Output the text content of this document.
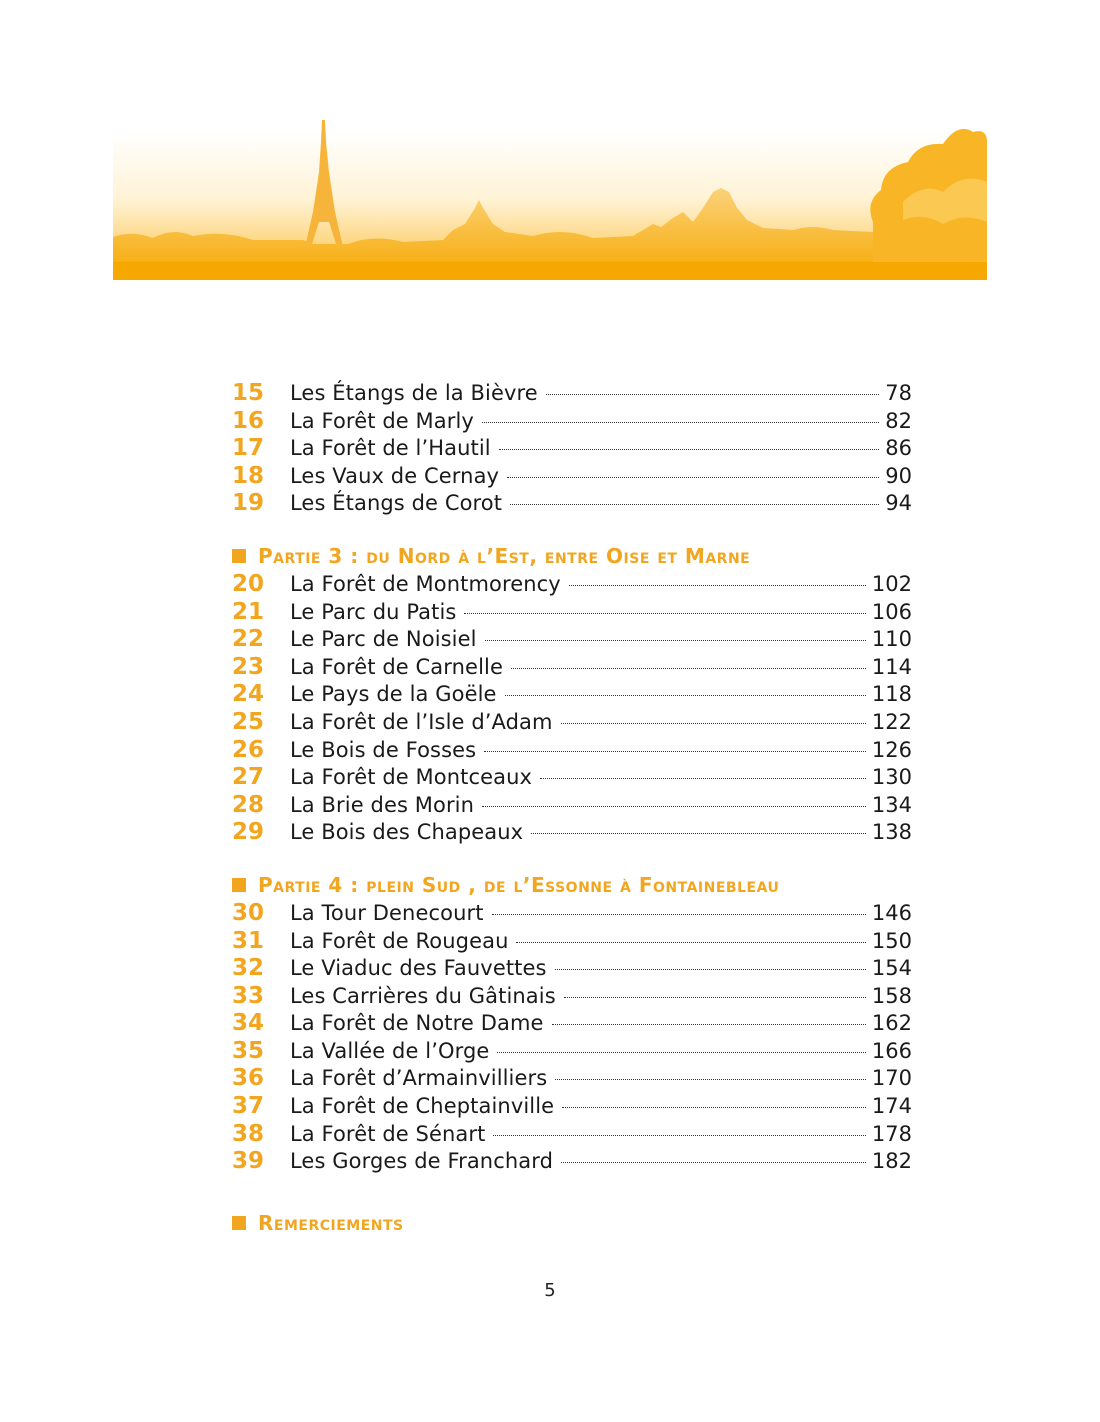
15	Les Étangs de la Bièvre	78
16	La Forêt de Marly	82
17	La Forêt de l’Hautil	86
18	Les Vaux de Cernay	90
19	Les Étangs de Corot	94
Partie 3 : du Nord à l’Est, entre Oise et Marne
20	La Forêt de Montmorency	102
21	Le Parc du Patis	106
22	Le Parc de Noisiel	110
23	La Forêt de Carnelle	114
24	Le Pays de la Goële	118
25	La Forêt de l’Isle d’Adam	122
26	Le Bois de Fosses	126
27	La Forêt de Montceaux	130
28	La Brie des Morin	134
29	Le Bois des Chapeaux	138
Partie 4 : plein Sud , de l’Essonne à Fontainebleau
30	La Tour Denecourt	146
31	La Forêt de Rougeau	150
32	Le Viaduc des Fauvettes	154
33	Les Carrières du Gâtinais	158
34	La Forêt de Notre Dame	162
35	La Vallée de l’Orge	166
36	La Forêt d’Armainvilliers	170
37	La Forêt de Cheptainville	174
38	La Forêt de Sénart	178
39	Les Gorges de Franchard	182
Remerciements
5
